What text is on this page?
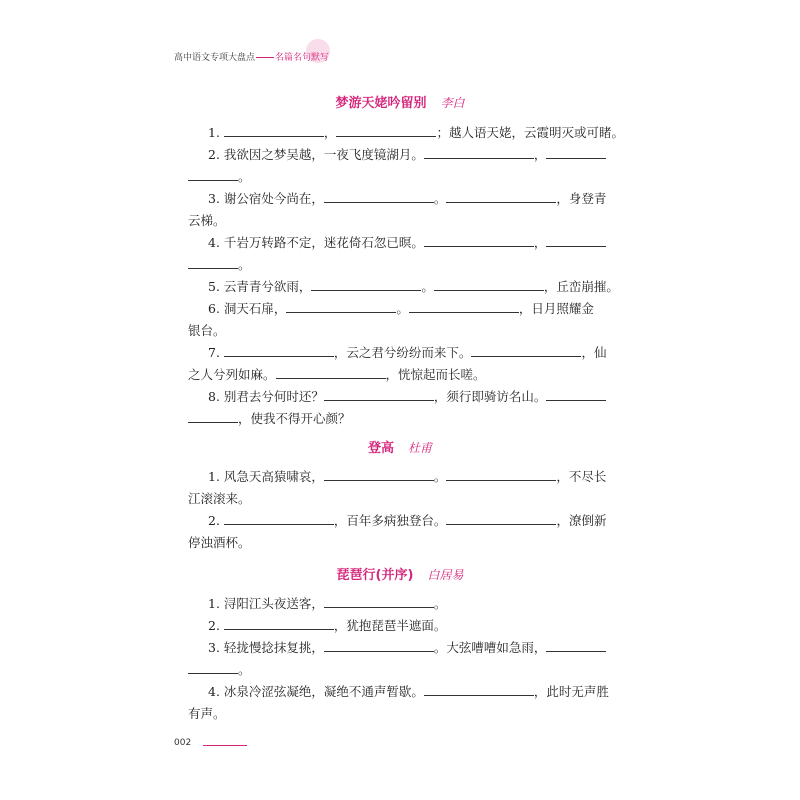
高中语文专项大盘点 名篇名句默写
梦游天姥吟留别 李白
1.	，	；越人语天姥，云霞明灭或可睹。
2. 我欲因之梦吴越，一夜飞度镜湖月。	，
。
3. 谢公宿处今尚在，	。	，身登青
云梯。
4. 千岩万转路不定，迷花倚石忽已暝。	，
。
5. 云青青兮欲雨，	。	，丘峦崩摧。
6. 洞天石扉，	。	，日月照耀金
银台。
7.	，云之君兮纷纷而来下。	，仙
之人兮列如麻。	，恍惊起而长嗟。
8. 别君去兮何时还？	，须行即骑访名山。
，使我不得开心颜？
登高 杜甫
1. 风急天高猿啸哀，	。	，不尽长
江滚滚来。
2.	，百年多病独登台。	，潦倒新
停浊酒杯。
琵琶行(并序) 白居易
1. 浔阳江头夜送客，	。
2.	，犹抱琵琶半遮面。
3. 轻拢慢捻抹复挑，	。大弦嘈嘈如急雨，
。
4. 冰泉冷涩弦凝绝，凝绝不通声暂歇。	，此时无声胜
有声。
002
